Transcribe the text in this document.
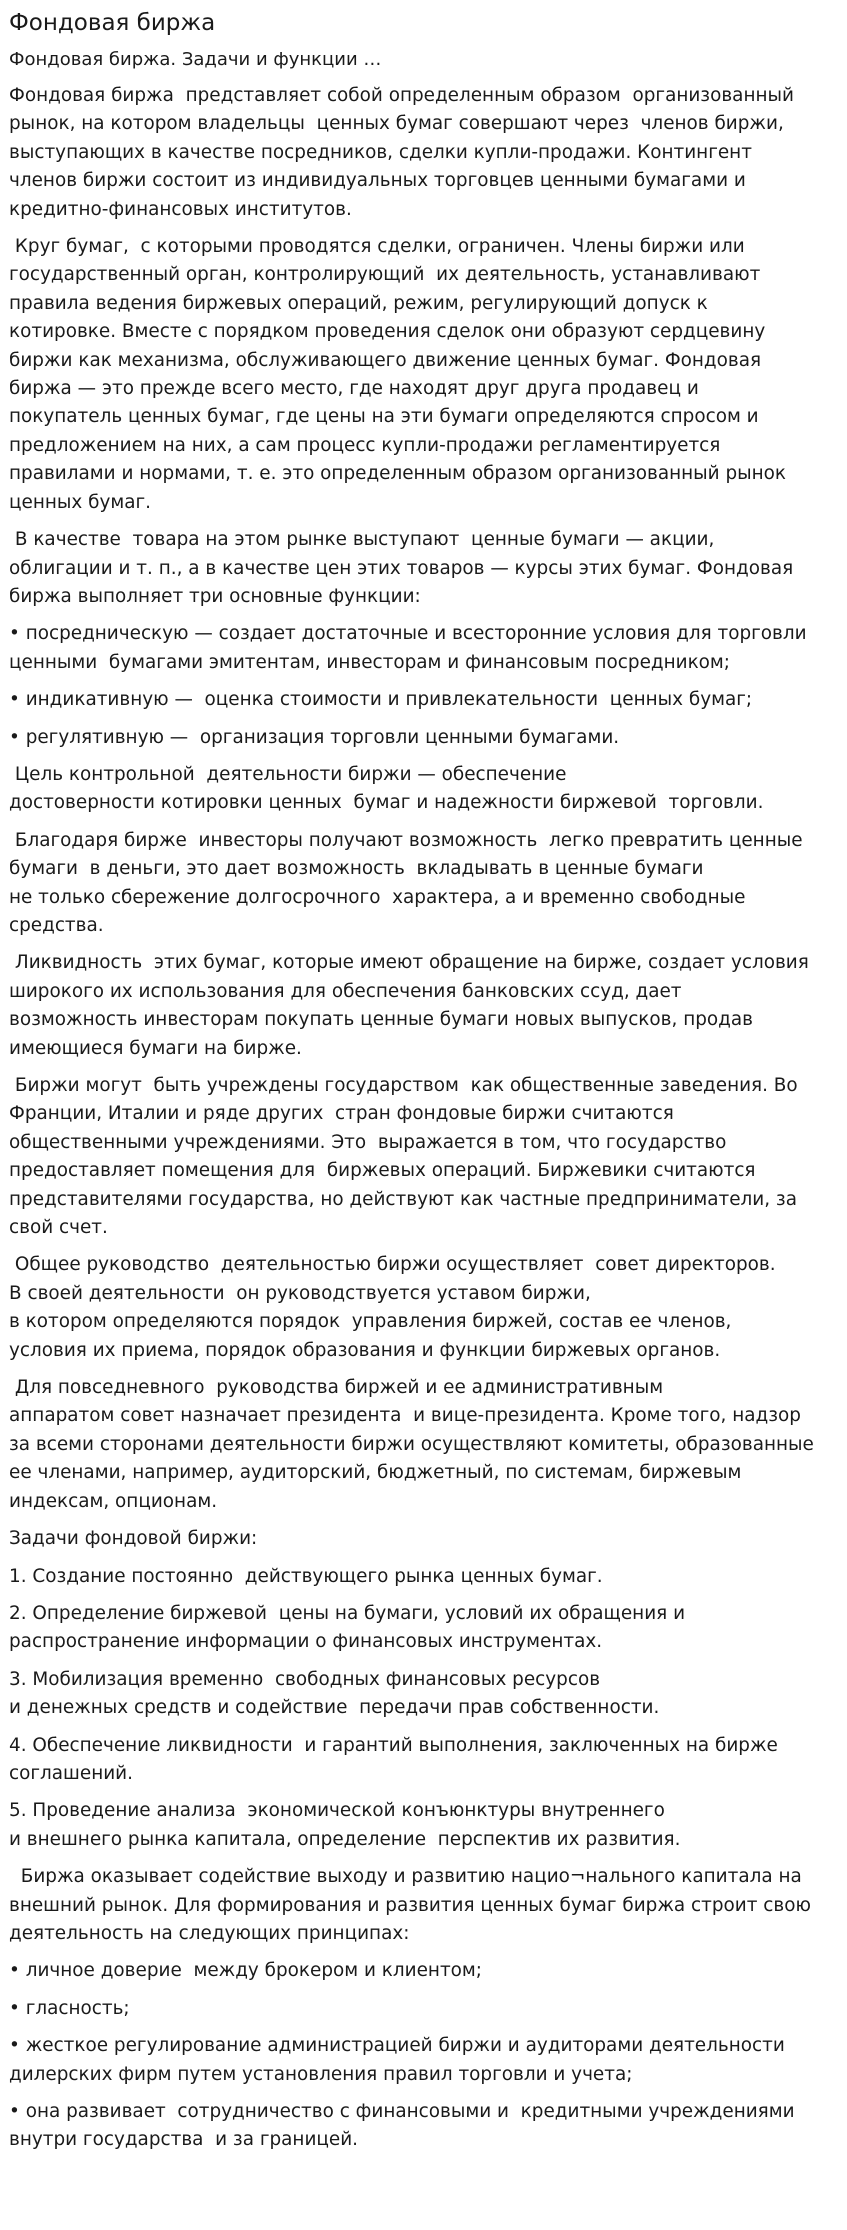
Фондовая биржа
Фондовая биржа. Задачи и функции …

Фондовая биржа  представляет собой определенным образом  организованный
рынок, на котором владельцы  ценных бумаг совершают через  членов биржи,
выступающих в качестве посредников, сделки купли-продажи. Контингент
членов биржи состоит из индивидуальных торговцев ценными бумагами и
кредитно-финансовых институтов.

Круг бумаг,  с которыми проводятся сделки, ограничен. Члены биржи или
государственный орган, контролирующий  их деятельность, устанавливают
правила ведения биржевых операций, режим, регулирующий допуск к
котировке. Вместе с порядком проведения сделок они образуют сердцевину
биржи как механизма, обслуживающего движение ценных бумаг. Фондовая
биржа — это прежде всего место, где находят друг друга продавец и
покупатель ценных бумаг, где цены на эти бумаги определяются спросом и
предложением на них, а сам процесс купли-продажи регламентируется
правилами и нормами, т. е. это определенным образом организованный рынок
ценных бумаг.

В качестве  товара на этом рынке выступают  ценные бумаги — акции,
облигации и т. п., а в качестве цен этих товаров — курсы этих бумаг. Фондовая
биржа выполняет три основные функции:

• посредническую — создает достаточные и всесторонние условия для торговли
ценными  бумагами эмитентам, инвесторам и финансовым посредником;

• индикативную —  оценка стоимости и привлекательности  ценных бумаг;

• регулятивную —  организация торговли ценными бумагами.

Цель контрольной  деятельности биржи — обеспечение
достоверности котировки ценных  бумаг и надежности биржевой  торговли.

Благодаря бирже  инвесторы получают возможность  легко превратить ценные
бумаги  в деньги, это дает возможность  вкладывать в ценные бумаги
не только сбережение долгосрочного  характера, а и временно свободные
средства.

Ликвидность  этих бумаг, которые имеют обращение на бирже, создает условия
широкого их использования для обеспечения банковских ссуд, дает
возможность инвесторам покупать ценные бумаги новых выпусков, продав
имеющиеся бумаги на бирже.

Биржи могут  быть учреждены государством  как общественные заведения. Во
Франции, Италии и ряде других  стран фондовые биржи считаются
общественными учреждениями. Это  выражается в том, что государство
предоставляет помещения для  биржевых операций. Биржевики считаются
представителями государства, но действуют как частные предприниматели, за
свой счет.

Общее руководство  деятельностью биржи осуществляет  совет директоров.
В своей деятельности  он руководствуется уставом биржи,
в котором определяются порядок  управления биржей, состав ее членов,
условия их приема, порядок образования и функции биржевых органов.

Для повседневного  руководства биржей и ее административным
аппаратом совет назначает президента  и вице-президента. Кроме того, надзор
за всеми сторонами деятельности биржи осуществляют комитеты, образованные
ее членами, например, аудиторский, бюджетный, по системам, биржевым
индексам, опционам.

Задачи фондовой биржи:

1. Создание постоянно  действующего рынка ценных бумаг.

2. Определение биржевой  цены на бумаги, условий их обращения и
распространение информации о финансовых инструментах.

3. Мобилизация временно  свободных финансовых ресурсов
и денежных средств и содействие  передачи прав собственности.

4. Обеспечение ликвидности  и гарантий выполнения, заключенных на бирже
соглашений.

5. Проведение анализа  экономической конъюнктуры внутреннего
и внешнего рынка капитала, определение  перспектив их развития.

Биржа оказывает содействие выходу и развитию нацио¬нального капитала на
внешний рынок. Для формирования и развития ценных бумаг биржа строит свою
деятельность на следующих принципах:

• личное доверие  между брокером и клиентом;

• гласность;

• жесткое регулирование администрацией биржи и аудиторами деятельности
дилерских фирм путем установления правил торговли и учета;

• она развивает  сотрудничество с финансовыми и  кредитными учреждениями
внутри государства  и за границей.
